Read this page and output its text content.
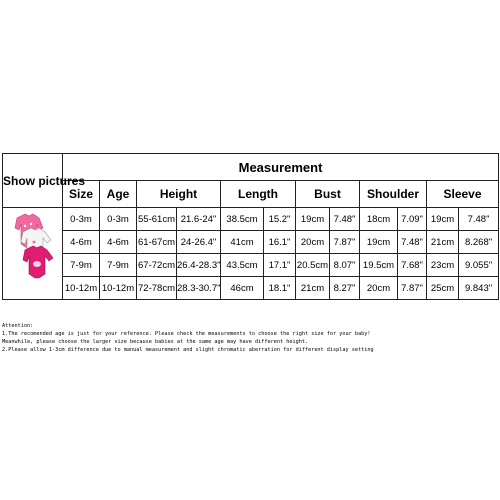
Show pictures	Measurement											
	Size	Age	Height		Length		Bust		Shoulder		Sleeve	

	0-3m	0-3m	55-61cm	21.6-24"	38.5cm	15.2"	19cm	7.48"	18cm	7.09"	19cm	7.48"
	4-6m	4-6m	61-67cm	24-26.4"	41cm	16.1"	20cm	7.87"	19cm	7.48"	21cm	8.268"
	7-9m	7-9m	67-72cm	26.4-28.3"	43.5cm	17.1"	20.5cm	8.07"	19.5cm	7.68"	23cm	9.055"
	10-12m	10-12m	72-78cm	28.3-30.7"	46cm	18.1"	21cm	8.27"	20cm	7.87"	25cm	9.843"
Attention:
1.The recomended age is just for your reference. Please check the measurements to choose the right size for your baby!
Meanwhile, please choose the larger size because babies at the same age may have different height.
2.Please allow 1-3cm difference due to manual measurement and slight chromatic aberration for different display setting
